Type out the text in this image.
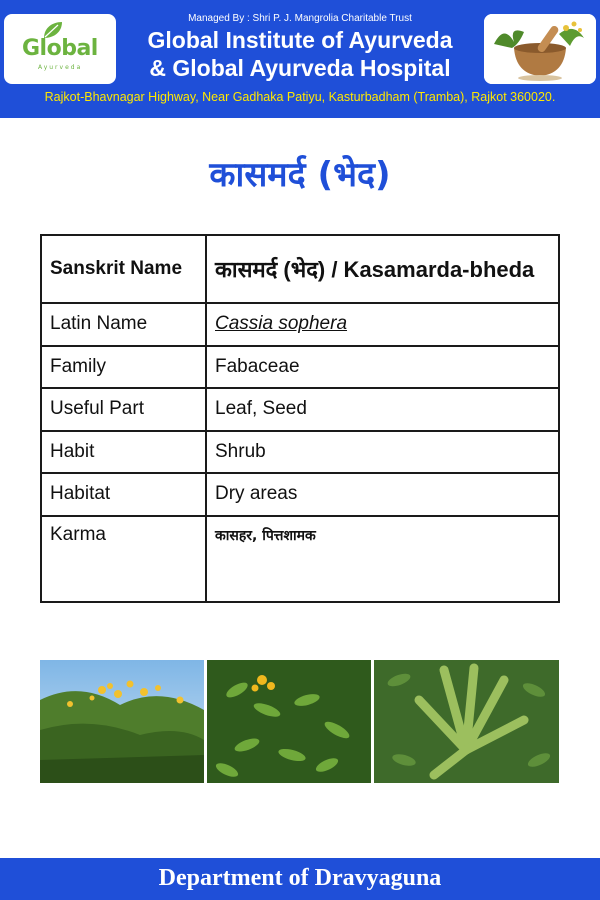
Global
Ayurveda
Managed By : Shri P. J. Mangrolia Charitable Trust
Global Institute of Ayurveda
& Global Ayurveda Hospital
Rajkot-Bhavnagar Highway, Near Gadhaka Patiyu, Kasturbadham (Tramba), Rajkot 360020.
कासमर्द (भेद)
Sanskrit Name	कासमर्द (भेद) / Kasamarda-bheda
Latin Name	Cassia sophera
Family	Fabaceae
Useful Part	Leaf, Seed
Habit	Shrub
Habitat	Dry areas
Karma	कासहर, पित्तशामक
Department of Dravyaguna
